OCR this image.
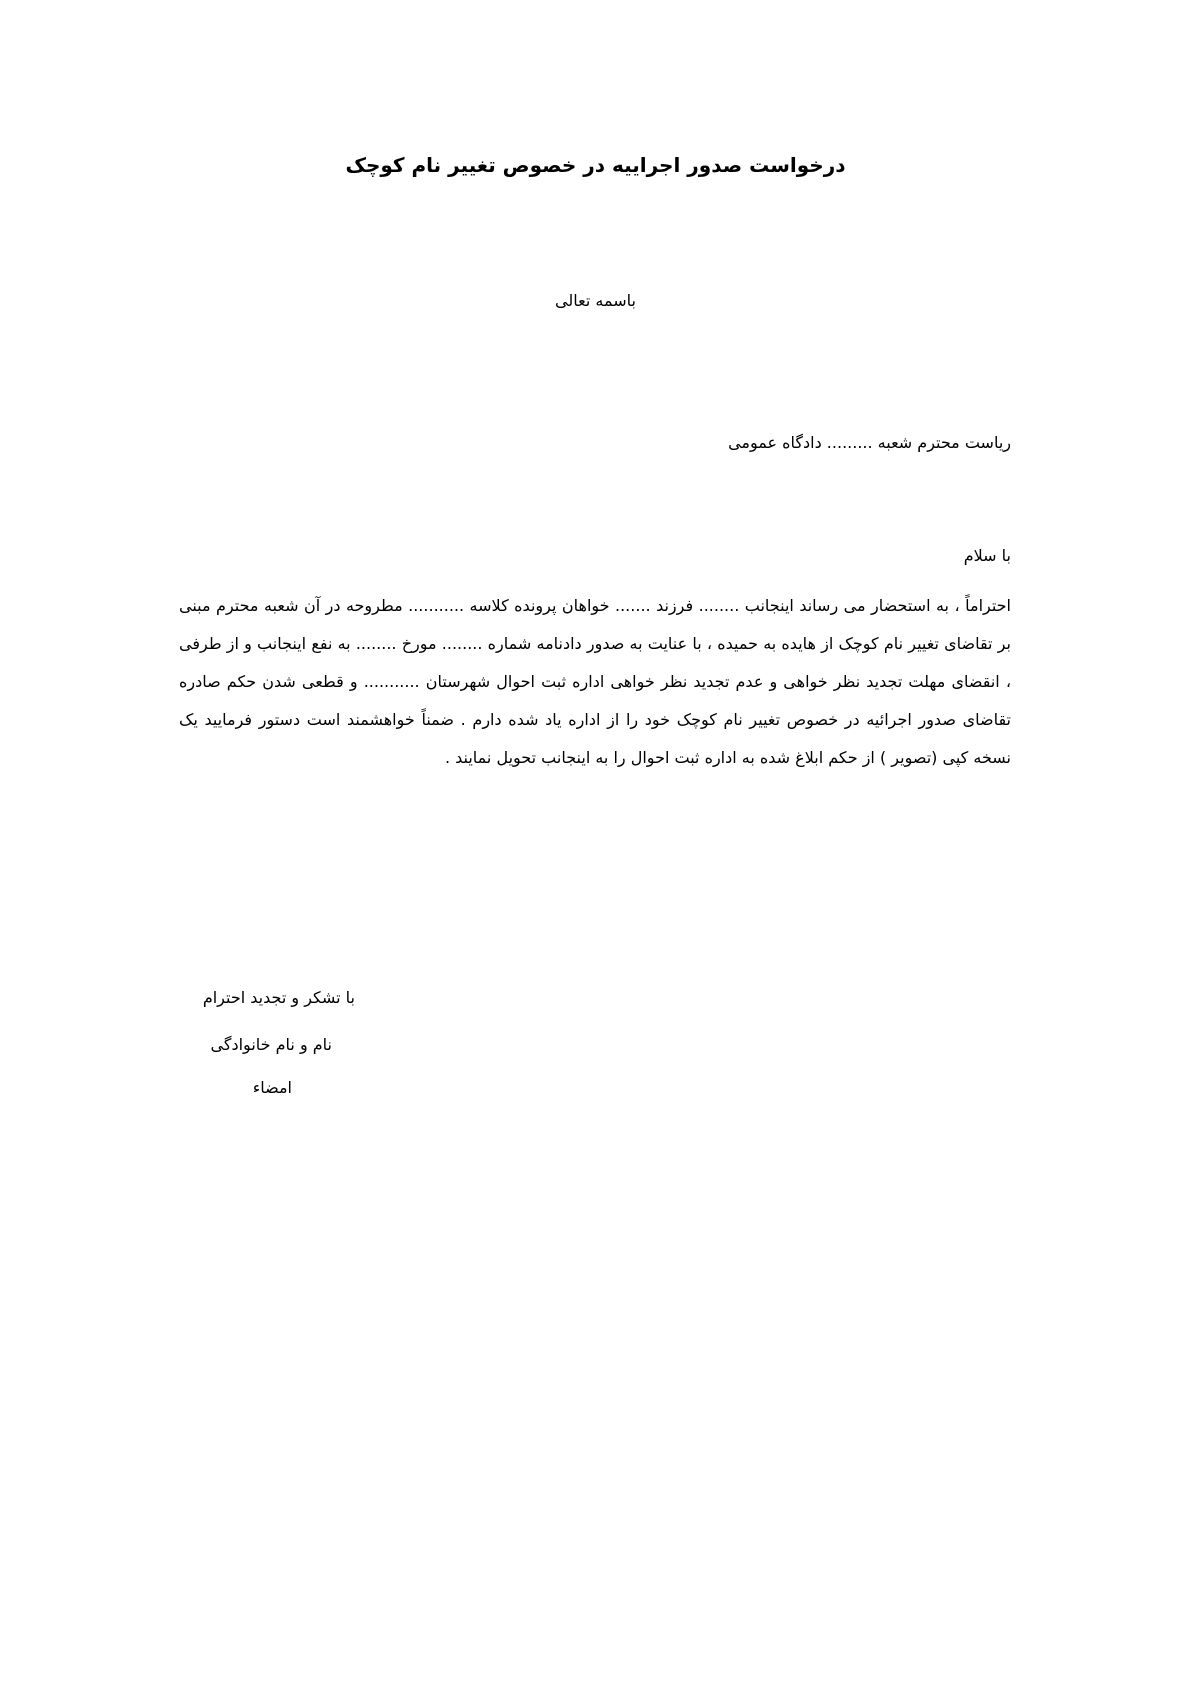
درخواست صدور اجراییه در خصوص تغییر نام کوچک
باسمه تعالی
ریاست محترم شعبه ......... دادگاه عمومی
با سلام

احتراماً ، به استحضار می رساند اینجانب ........ فرزند ....... خواهان پرونده کلاسه ........... مطروحه در آن شعبه محترم مبنی بر تقاضای تغییر نام کوچک از هایده به حمیده ، با عنایت به صدور دادنامه شماره ........ مورخ ........ به نفع اینجانب و از طرفی ، انقضای مهلت تجدید نظر خواهی و عدم تجدید نظر خواهی اداره ثبت احوال شهرستان ........... و قطعی شدن حکم صادره تقاضای صدور اجرائیه در خصوص تغییر نام کوچک خود را از اداره یاد شده دارم . ضمناً خواهشمند است دستور فرمایید یک نسخه کپی (تصویر ) از حکم ابلاغ شده به اداره ثبت احوال را به اینجانب تحویل نمایند .

با تشکر و تجدید احترام
نام و نام خانوادگی
امضاء
